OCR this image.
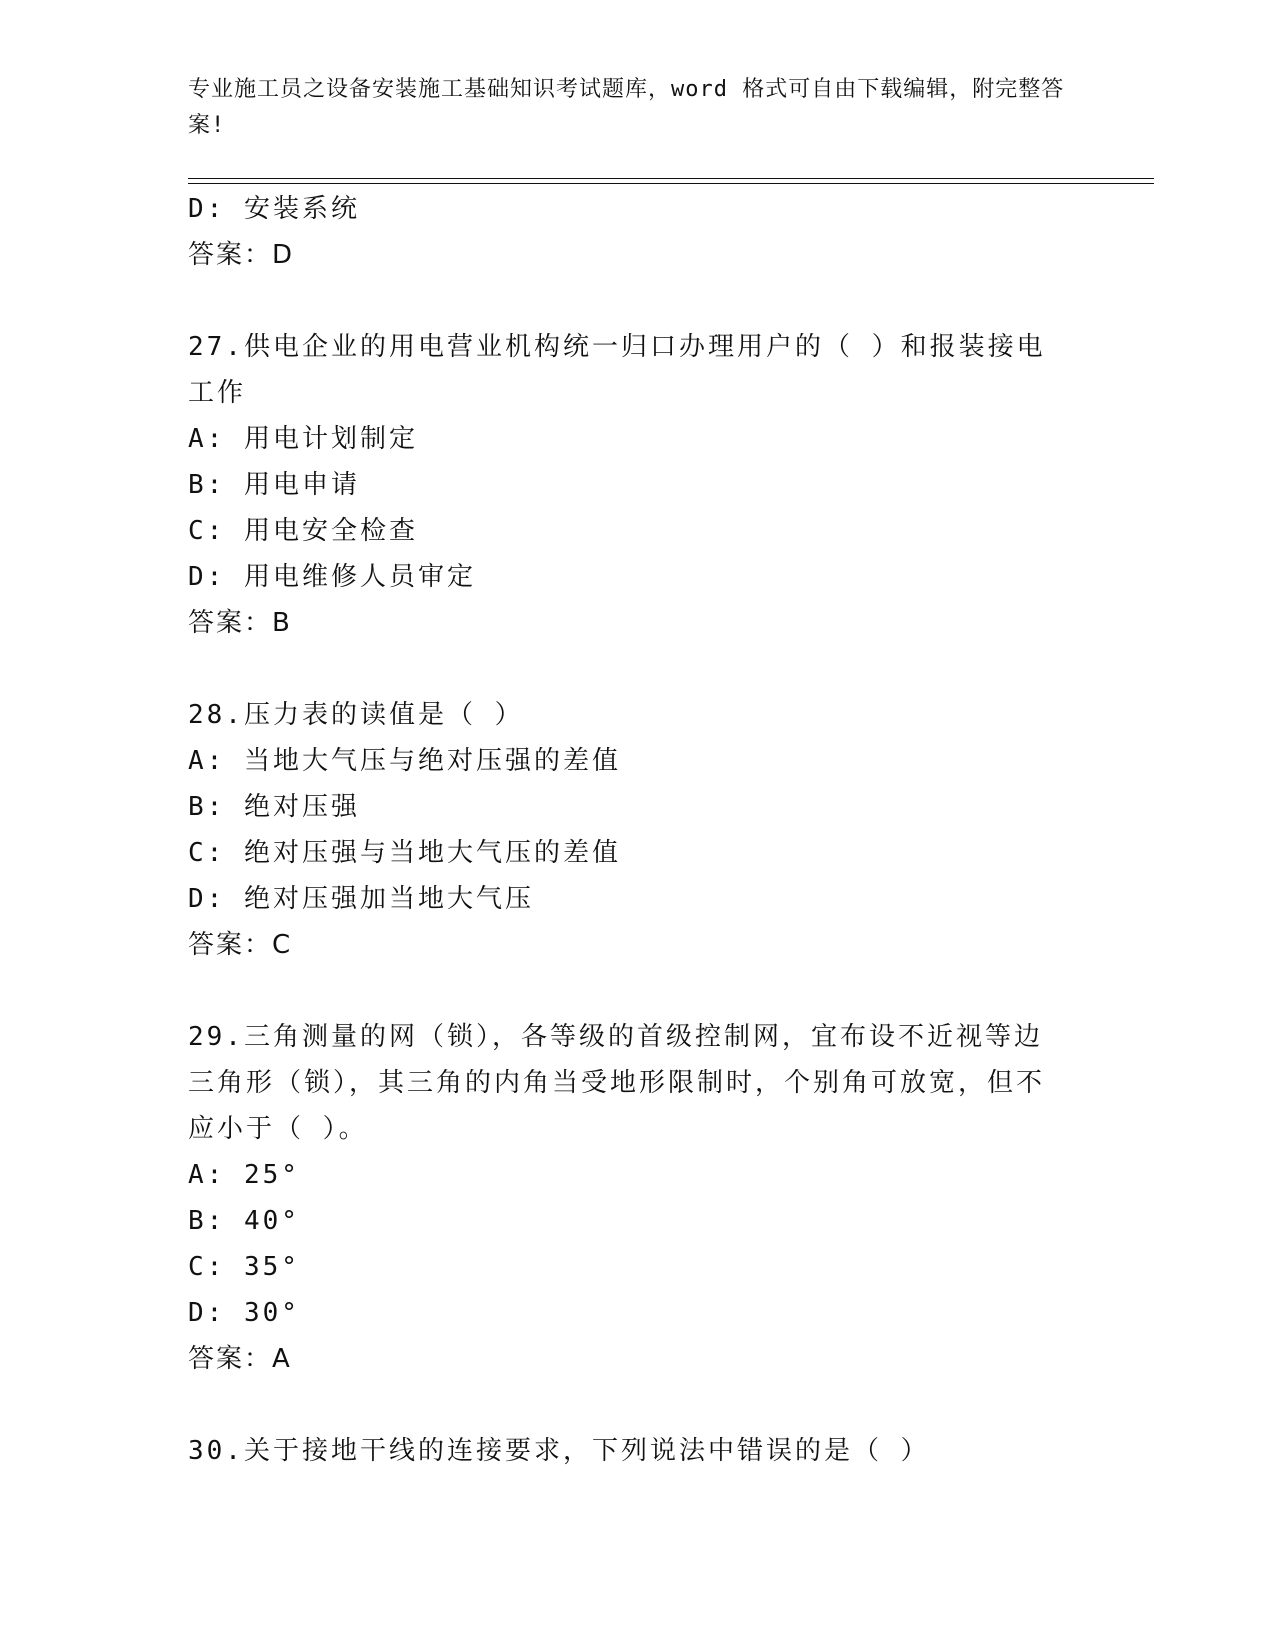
专业施工员之设备安装施工基础知识考试题库，word 格式可自由下载编辑，附完整答案!
D: 安装系统
答案：D
27.供电企业的用电营业机构统一归口办理用户的（ ）和报装接电工作
A: 用电计划制定
B: 用电申请
C: 用电安全检查
D: 用电维修人员审定
答案：B
28.压力表的读值是（ ）
A: 当地大气压与绝对压强的差值
B: 绝对压强
C: 绝对压强与当地大气压的差值
D: 绝对压强加当地大气压
答案：C
29.三角测量的网（锁），各等级的首级控制网，宜布设不近视等边三角形（锁），其三角的内角当受地形限制时，个别角可放宽，但不应小于（ ）。
A: 25°
B: 40°
C: 35°
D: 30°
答案：A
30.关于接地干线的连接要求，下列说法中错误的是（ ）
